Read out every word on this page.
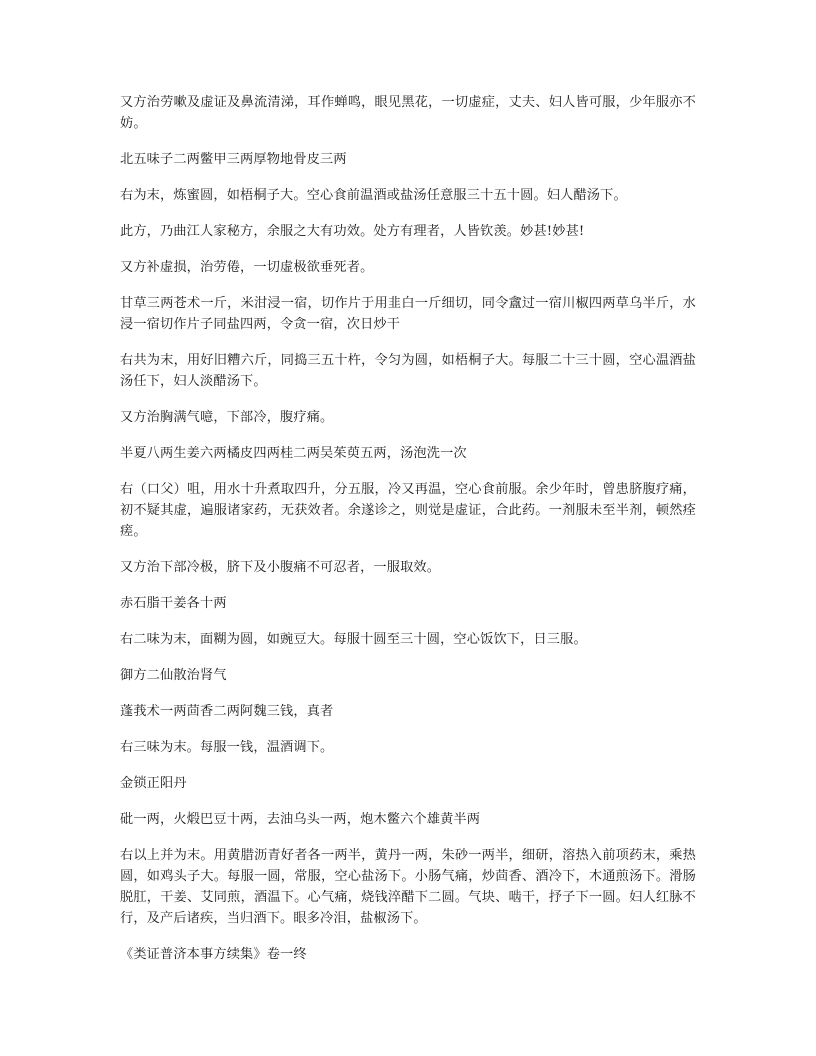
又方治劳嗽及虚证及鼻流清涕，耳作蝉鸣，眼见黑花，一切虚症，丈夫、妇人皆可服，少年服亦不妨。

北五味子二两鳖甲三两厚物地骨皮三两

右为末，炼蜜圆，如梧桐子大。空心食前温酒或盐汤任意服三十五十圆。妇人醋汤下。

此方，乃曲江人家秘方，余服之大有功效。处方有理者，人皆钦羡。妙甚!妙甚!

又方补虚损，治劳倦，一切虚极欲垂死者。

甘草三两苍术一斤，米泔浸一宿，切作片于用韭白一斤细切，同令盦过一宿川椒四两草乌半斤，水浸一宿切作片子同盐四两，令贪一宿，次日炒干

右共为末，用好旧糟六斤，同捣三五十杵，令匀为圆，如梧桐子大。每服二十三十圆，空心温酒盐汤任下，妇人淡醋汤下。

又方治胸满气噫，下部冷，腹疗痛。

半夏八两生姜六两橘皮四两桂二两吴茱萸五两，汤泡洗一次

右（口父）咀，用水十升煮取四升，分五服，冷又再温，空心食前服。余少年时，曾患脐腹疗痛，初不疑其虚，遍服诸家药，无获效者。余遂诊之，则觉是虚证，合此药。一剂服未至半剂，顿然痊瘥。

又方治下部冷极，脐下及小腹痛不可忍者，一服取效。

赤石脂干姜各十两

右二味为末，面糊为圆，如豌豆大。每服十圆至三十圆，空心饭饮下，日三服。

御方二仙散治肾气

蓬莪术一两茴香二两阿魏三钱，真者

右三味为末。每服一钱，温酒调下。

金锁正阳丹

砒一两，火煅巴豆十两，去油乌头一两，炮木鳖六个雄黄半两

右以上并为末。用黄腊沥青好者各一两半，黄丹一两，朱砂一两半，细研，溶热入前项药末，乘热圆，如鸡头子大。每服一圆，常服，空心盐汤下。小肠气痛，炒茴香、酒冷下，木通煎汤下。滑肠脱肛，干姜、艾同煎，酒温下。心气痛，烧钱淬醋下二圆。气块、啮干，抒子下一圆。妇人红脉不行，及产后诸疾，当归酒下。眼多冷泪，盐椒汤下。

《类证普济本事方续集》卷一终
